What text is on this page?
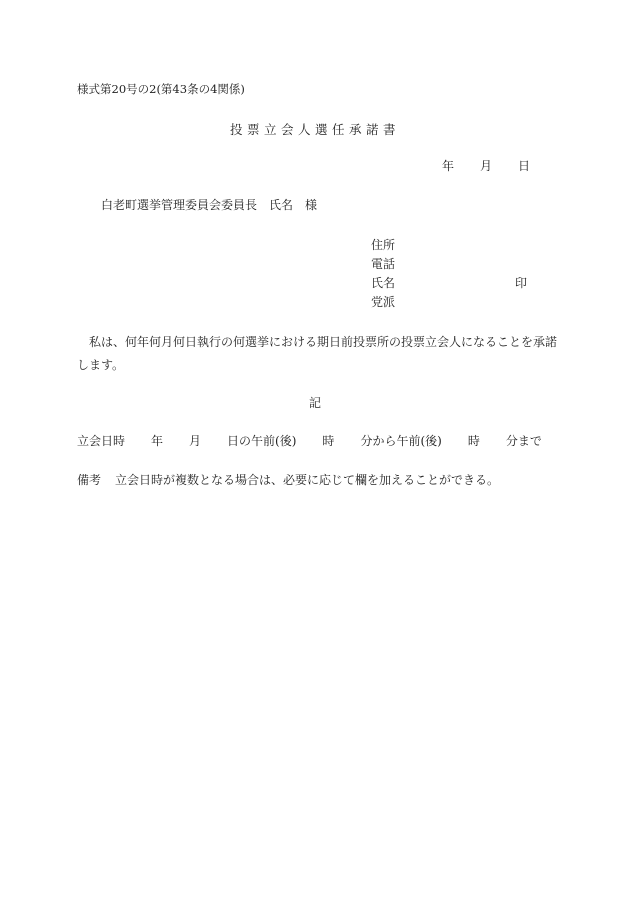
様式第20号の2(第43条の4関係)
投票立会人選任承諾書
年 月 日
白老町選挙管理委員会委員長　氏名　様
住所
電話
氏名	印
党派
私は、何年何月何日執行の何選挙における期日前投票所の投票立会人になることを承諾します。
記
立会日時 年 月 日の午前(後) 時 分から午前(後) 時 分まで
備考 立会日時が複数となる場合は、必要に応じて欄を加えることができる。
